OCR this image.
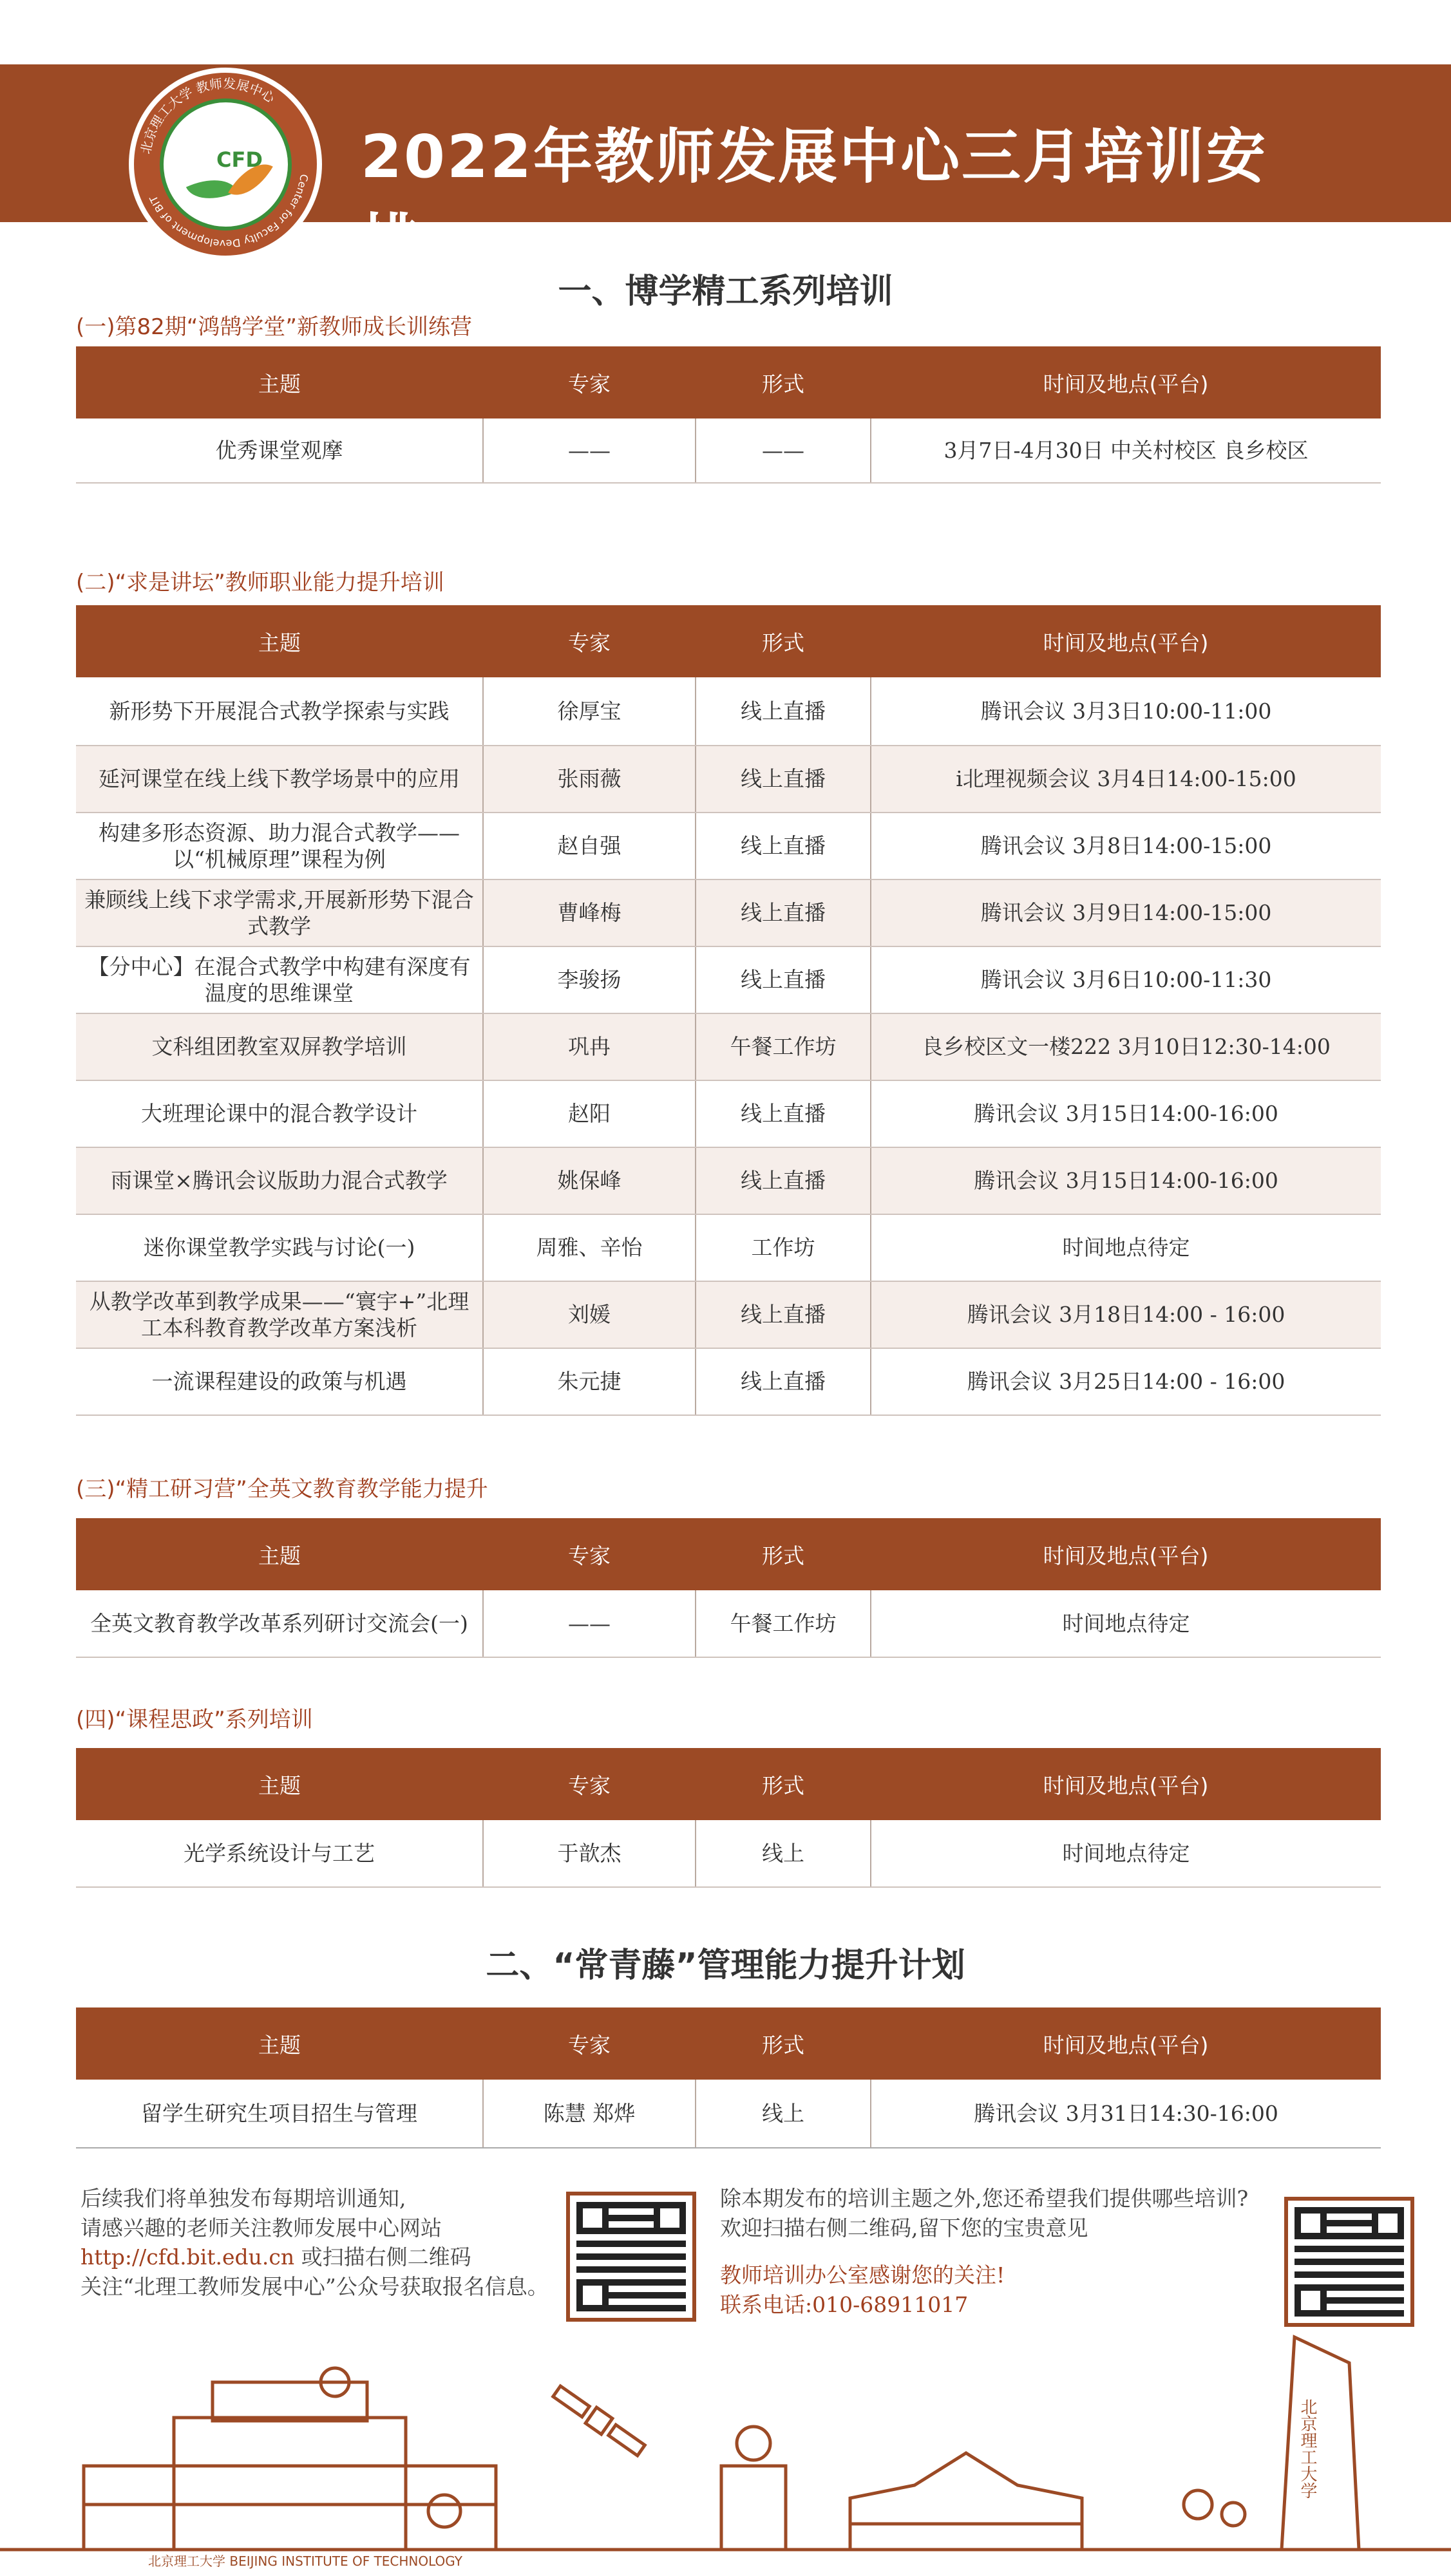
2022年教师发展中心三月培训安排
北京理工大学 教师发展中心
Center for Faculty Development of BIT
CFD
一、博学精工系列培训
(一)第82期“鸿鹄学堂”新教师成长训练营
主题	专家	形式	时间及地点(平台)
优秀课堂观摩	——	——	3月7日-4月30日 中关村校区 良乡校区
(二)“求是讲坛”教师职业能力提升培训
主题	专家	形式	时间及地点(平台)
新形势下开展混合式教学探索与实践	徐厚宝	线上直播	腾讯会议 3月3日10:00-11:00
延河课堂在线上线下教学场景中的应用	张雨薇	线上直播	i北理视频会议 3月4日14:00-15:00
构建多形态资源、助力混合式教学——以“机械原理”课程为例	赵自强	线上直播	腾讯会议 3月8日14:00-15:00
兼顾线上线下求学需求,开展新形势下混合式教学	曹峰梅	线上直播	腾讯会议 3月9日14:00-15:00
【分中心】在混合式教学中构建有深度有温度的思维课堂	李骏扬	线上直播	腾讯会议 3月6日10:00-11:30
文科组团教室双屏教学培训	巩冉	午餐工作坊	良乡校区文一楼222 3月10日12:30-14:00
大班理论课中的混合教学设计	赵阳	线上直播	腾讯会议 3月15日14:00-16:00
雨课堂×腾讯会议版助力混合式教学	姚保峰	线上直播	腾讯会议 3月15日14:00-16:00
迷你课堂教学实践与讨论(一)	周雅、辛怡	工作坊	时间地点待定
从教学改革到教学成果——“寰宇+”北理工本科教育教学改革方案浅析	刘媛	线上直播	腾讯会议 3月18日14:00 - 16:00
一流课程建设的政策与机遇	朱元捷	线上直播	腾讯会议 3月25日14:00 - 16:00
(三)“精工研习营”全英文教育教学能力提升
主题	专家	形式	时间及地点(平台)
全英文教育教学改革系列研讨交流会(一)	——	午餐工作坊	时间地点待定
(四)“课程思政”系列培训
主题	专家	形式	时间及地点(平台)
光学系统设计与工艺	于歆杰	线上	时间地点待定
二、“常青藤”管理能力提升计划
主题	专家	形式	时间及地点(平台)
留学生研究生项目招生与管理	陈慧 郑烨	线上	腾讯会议 3月31日14:30-16:00
后续我们将单独发布每期培训通知,
请感兴趣的老师关注教师发展中心网站
http://cfd.bit.edu.cn 或扫描右侧二维码
关注“北理工教师发展中心”公众号获取报名信息。
除本期发布的培训主题之外,您还希望我们提供哪些培训?
欢迎扫描右侧二维码,留下您的宝贵意见
教师培训办公室感谢您的关注!
联系电话:010-68911017
北京理工大学 BEIJING INSTITUTE OF TECHNOLOGY
北京理工大学
